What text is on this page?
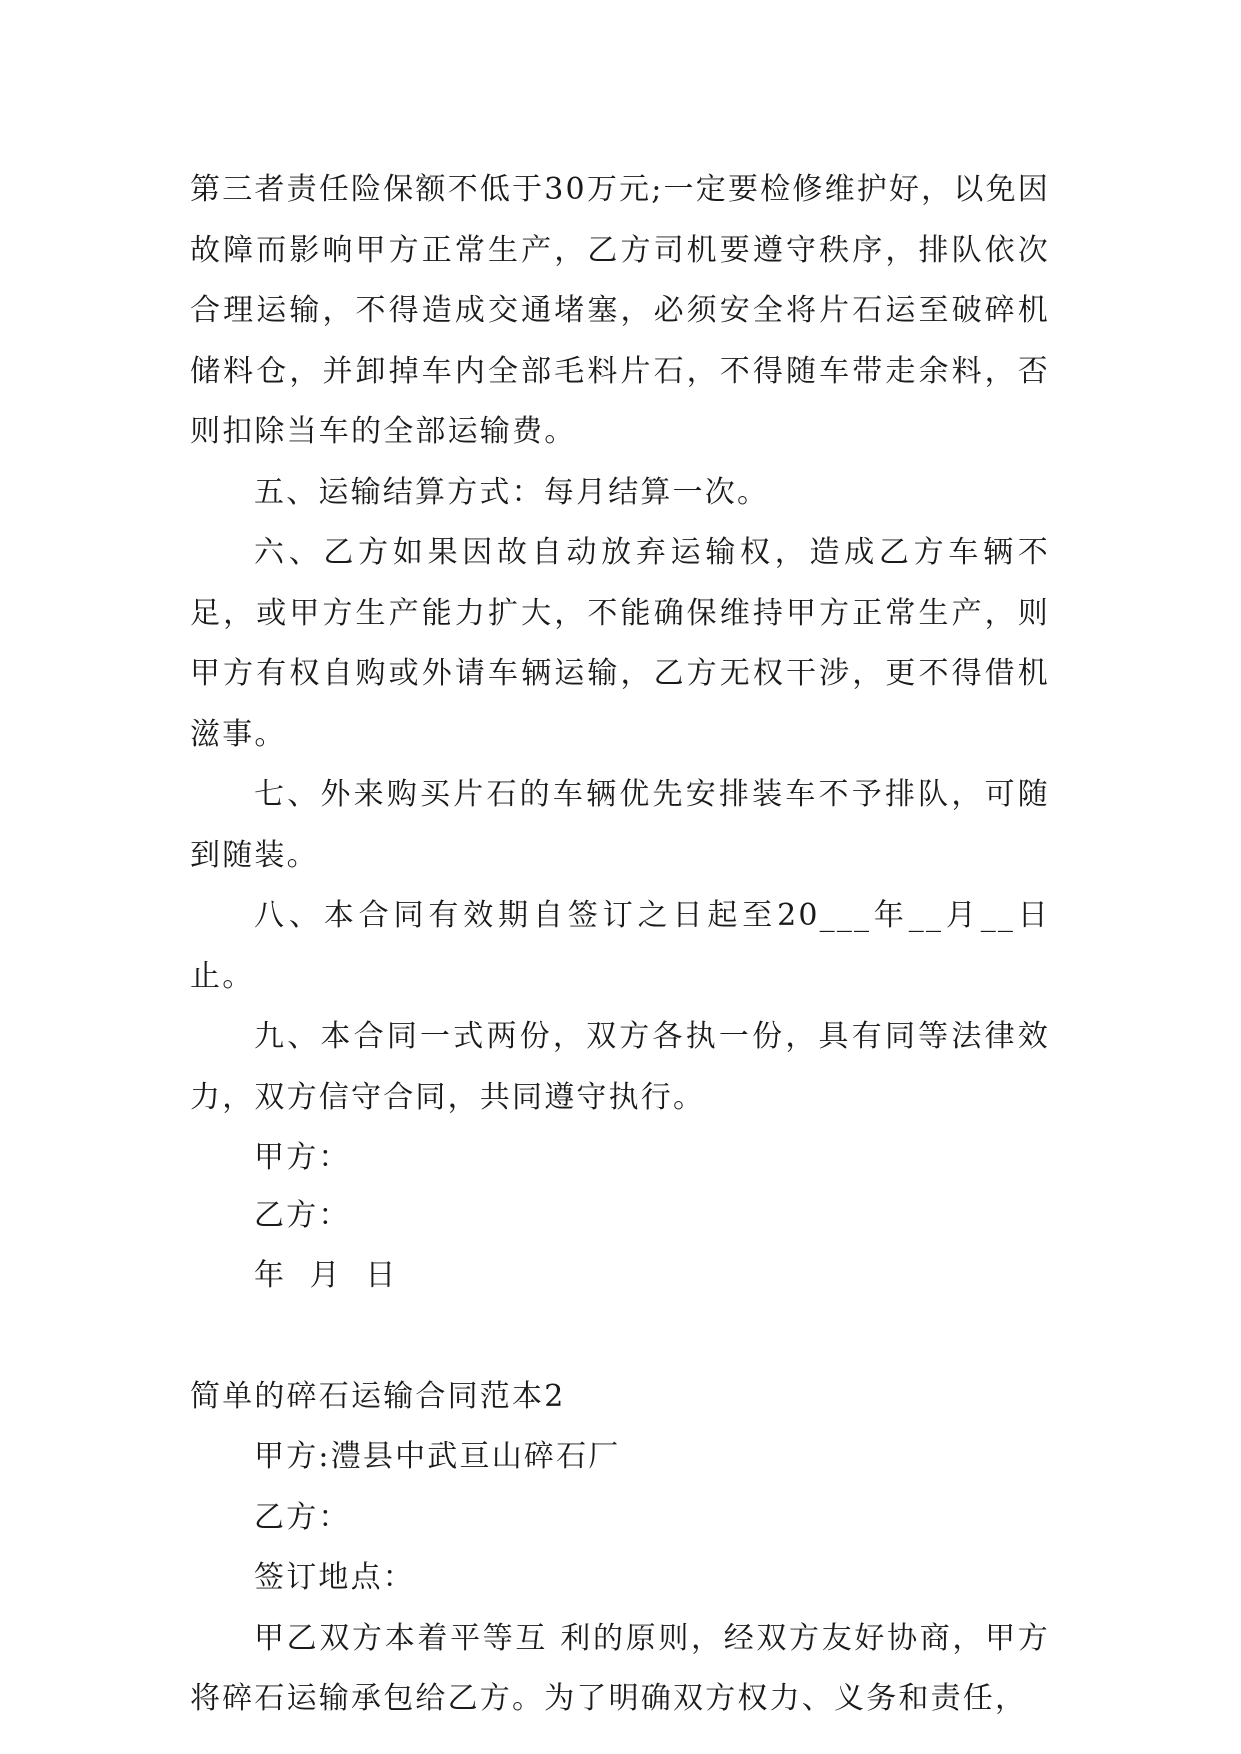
第三者责任险保额不低于30万元;一定要检修维护好，以免因故障而影响甲方正常生产，乙方司机要遵守秩序，排队依次合理运输，不得造成交通堵塞，必须安全将片石运至破碎机储料仓，并卸掉车内全部毛料片石，不得随车带走余料，否则扣除当车的全部运输费。

五、运输结算方式：每月结算一次。

六、乙方如果因故自动放弃运输权，造成乙方车辆不足，或甲方生产能力扩大，不能确保维持甲方正常生产，则甲方有权自购或外请车辆运输，乙方无权干涉，更不得借机滋事。

七、外来购买片石的车辆优先安排装车不予排队，可随到随装。

八、本合同有效期自签订之日起至20___年__月__日止。

九、本合同一式两份，双方各执一份，具有同等法律效力，双方信守合同，共同遵守执行。

甲方：

乙方：

年  月  日

简单的碎石运输合同范本2

甲方:澧县中武亘山碎石厂

乙方：

签订地点：

甲乙双方本着平等互 利的原则，经双方友好协商，甲方将碎石运输承包给乙方。为了明确双方权力、义务和责任，
